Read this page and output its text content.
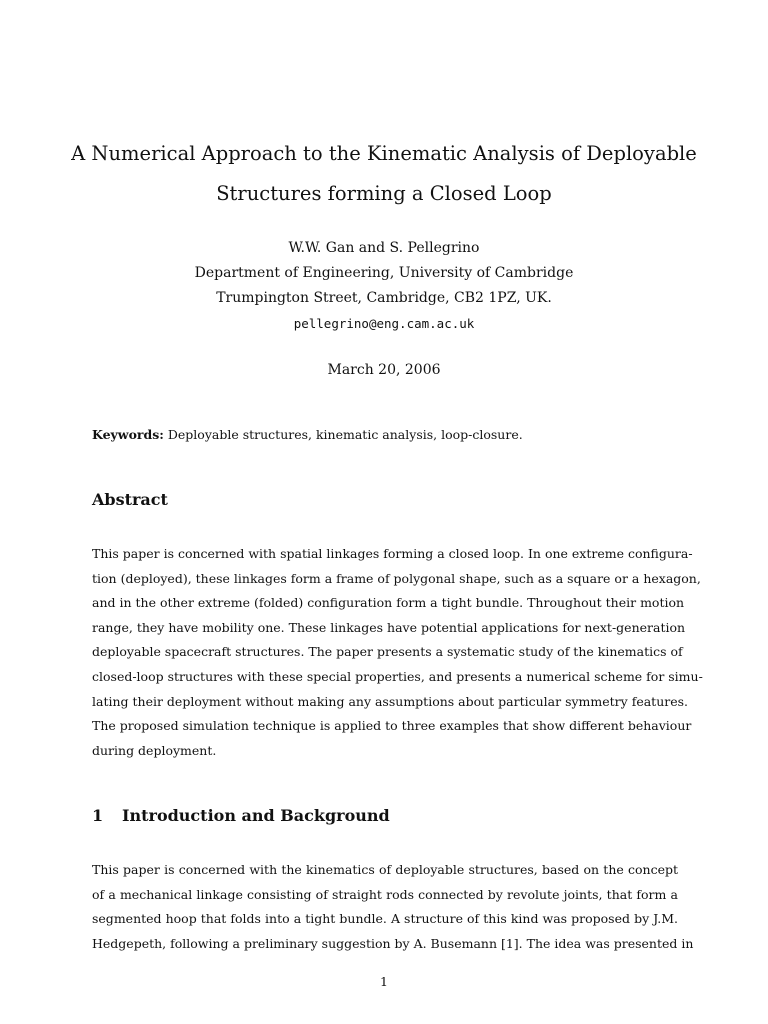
A Numerical Approach to the Kinematic Analysis of Deployable
Structures forming a Closed Loop
W.W. Gan and S. Pellegrino
Department of Engineering, University of Cambridge
Trumpington Street, Cambridge, CB2 1PZ, UK.
pellegrino@eng.cam.ac.uk
March 20, 2006
Keywords: Deployable structures, kinematic analysis, loop-closure.
Abstract
This paper is concerned with spatial linkages forming a closed loop. In one extreme configura-
tion (deployed), these linkages form a frame of polygonal shape, such as a square or a hexagon,
and in the other extreme (folded) configuration form a tight bundle. Throughout their motion
range, they have mobility one. These linkages have potential applications for next-generation
deployable spacecraft structures. The paper presents a systematic study of the kinematics of
closed-loop structures with these special properties, and presents a numerical scheme for simu-
lating their deployment without making any assumptions about particular symmetry features.
The proposed simulation technique is applied to three examples that show different behaviour
during deployment.
1 Introduction and Background
This paper is concerned with the kinematics of deployable structures, based on the concept
of a mechanical linkage consisting of straight rods connected by revolute joints, that form a
segmented hoop that folds into a tight bundle. A structure of this kind was proposed by J.M.
Hedgepeth, following a preliminary suggestion by A. Busemann [1]. The idea was presented in
1
